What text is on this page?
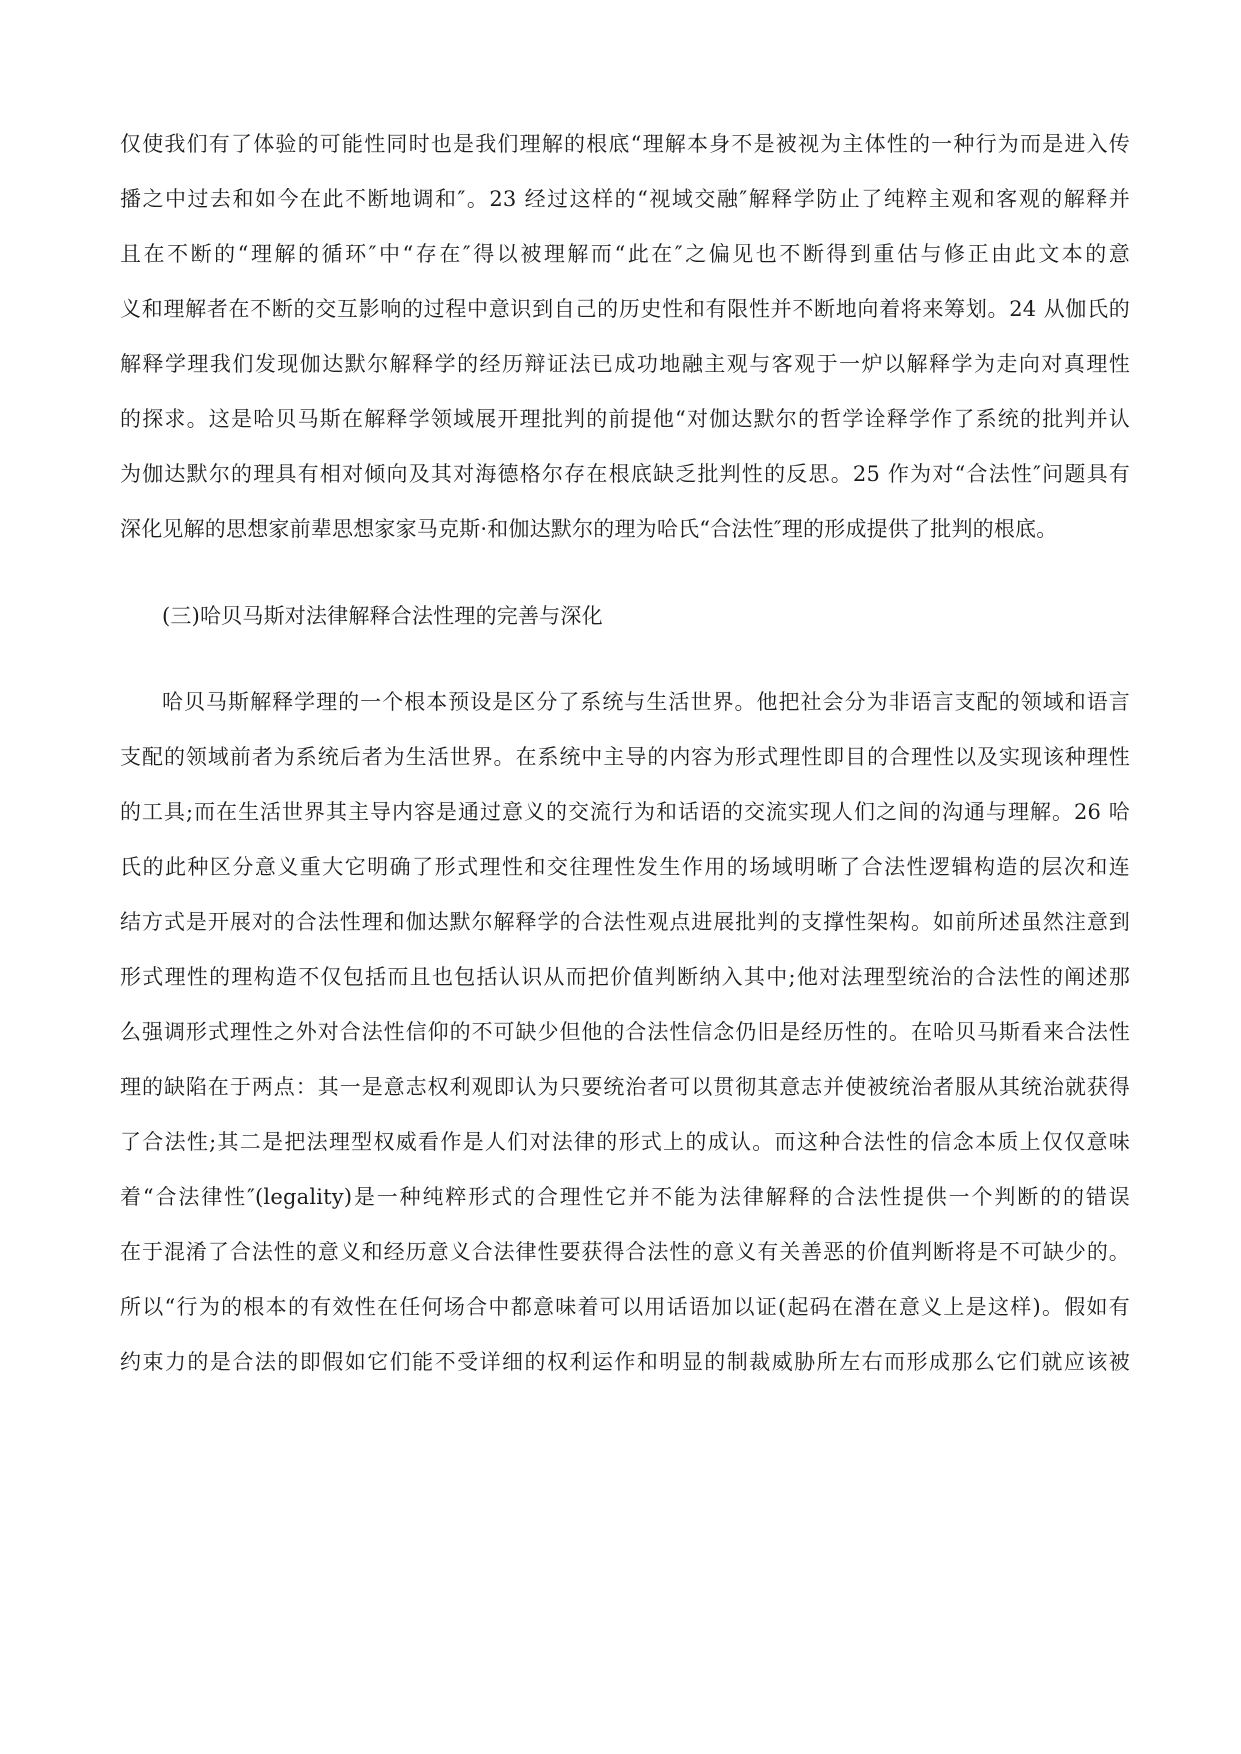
仅使我们有了体验的可能性同时也是我们理解的根底“理解本身不是被视为主体性的一种行为而是进入传
播之中过去和如今在此不断地调和″。23 经过这样的“视域交融″解释学防止了纯粹主观和客观的解释并
且在不断的“理解的循环″中“存在″得以被理解而“此在″之偏见也不断得到重估与修正由此文本的意
义和理解者在不断的交互影响的过程中意识到自己的历史性和有限性并不断地向着将来筹划。24 从伽氏的
解释学理我们发现伽达默尔解释学的经历辩证法已成功地融主观与客观于一炉以解释学为走向对真理性
的探求。这是哈贝马斯在解释学领域展开理批判的前提他“对伽达默尔的哲学诠释学作了系统的批判并认
为伽达默尔的理具有相对倾向及其对海德格尔存在根底缺乏批判性的反思。25 作为对“合法性″问题具有
深化见解的思想家前辈思想家家马克斯·和伽达默尔的理为哈氏“合法性″理的形成提供了批判的根底。
(三)哈贝马斯对法律解释合法性理的完善与深化
哈贝马斯解释学理的一个根本预设是区分了系统与生活世界。他把社会分为非语言支配的领域和语言
支配的领域前者为系统后者为生活世界。在系统中主导的内容为形式理性即目的合理性以及实现该种理性
的工具;而在生活世界其主导内容是通过意义的交流行为和话语的交流实现人们之间的沟通与理解。26 哈
氏的此种区分意义重大它明确了形式理性和交往理性发生作用的场域明晰了合法性逻辑构造的层次和连
结方式是开展对的合法性理和伽达默尔解释学的合法性观点进展批判的支撑性架构。如前所述虽然注意到
形式理性的理构造不仅包括而且也包括认识从而把价值判断纳入其中;他对法理型统治的合法性的阐述那
么强调形式理性之外对合法性信仰的不可缺少但他的合法性信念仍旧是经历性的。在哈贝马斯看来合法性
理的缺陷在于两点：其一是意志权利观即认为只要统治者可以贯彻其意志并使被统治者服从其统治就获得
了合法性;其二是把法理型权威看作是人们对法律的形式上的成认。而这种合法性的信念本质上仅仅意味
着“合法律性″(legality)是一种纯粹形式的合理性它并不能为法律解释的合法性提供一个判断的的错误
在于混淆了合法性的意义和经历意义合法律性要获得合法性的意义有关善恶的价值判断将是不可缺少的。
所以“行为的根本的有效性在任何场合中都意味着可以用话语加以证(起码在潜在意义上是这样)。假如有
约束力的是合法的即假如它们能不受详细的权利运作和明显的制裁威胁所左右而形成那么它们就应该被
